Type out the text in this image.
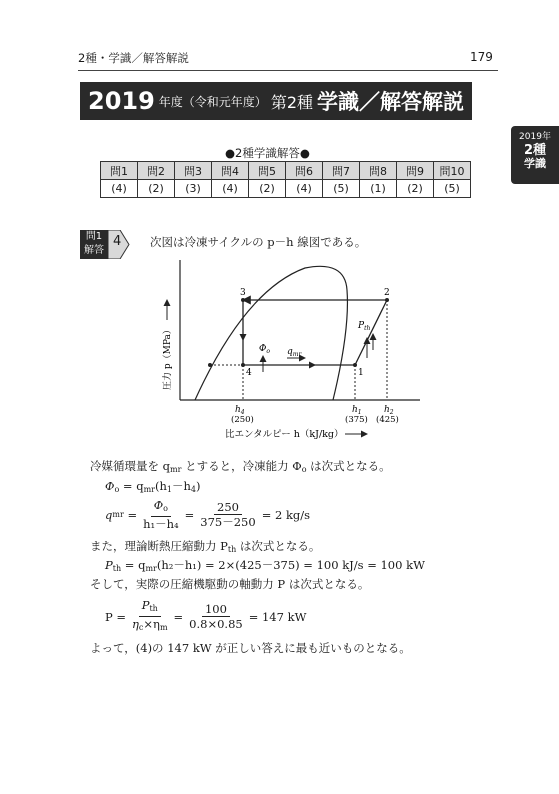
2種・学識／解答解説	179
2019 年度（令和元年度） 第2種 学識／解答解説
2019年
2種
学識
●2種学識解答●
問1	問2	問3	問4	問5	問6	問7	問8	問9	問10
(4)	(2)	(3)	(4)	(2)	(4)	(5)	(1)	(2)	(5)
問1
解答
4 次図は冷凍サイクルの p－h 線図である。
3	2
4	1
$\Phi_o$ $q_{mr}$
$P_{th}$
$h_4$
(250)
$h_1$
(375)
$h_2$
(425)
圧力 p（MPa）
比エンタルピー h（kJ/kg）
冷媒循環量を $q_{mr}$ とすると，冷凍能力 $\Phi_o$ は次式となる。
$\Phi_o = q_{mr}(h_1-h_4)$
q mr = $\frac{\Phi_o}{\text{h₁－h₄}} = \frac{250}{375-250} = 2$ kg/s
また，理論断熱圧縮動力 $P_{th}$ は次式となる。
$P_{th} = q_{mr}(h_2-h_1) = 2\times(425-375) = 100$ kJ/s = 100 kW
そして，実際の圧縮機駆動の軸動力 P は次式となる。
$P = \frac{P_{th}}{\eta_c\times\eta_m} = \frac{100}{0.8\times 0.85} = 147$ kW
よって，(4)の 147 kW が正しい答えに最も近いものとなる。
